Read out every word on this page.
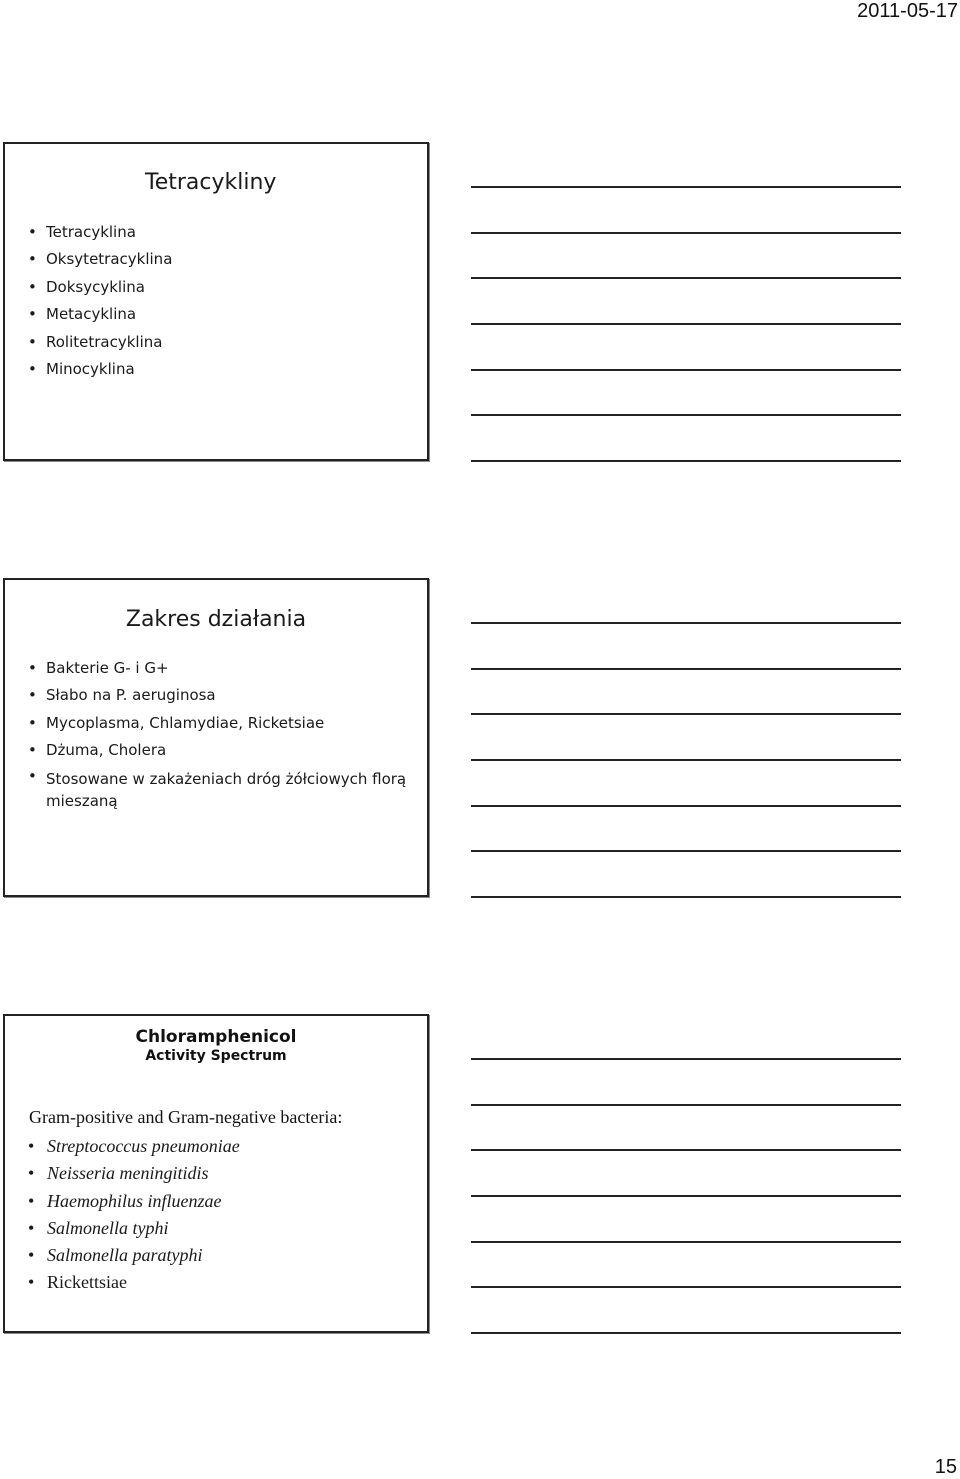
2011-05-17
Tetracykliny
• Tetracyklina
• Oksytetracyklina
• Doksycyklina
• Metacyklina
• Rolitetracyklina
• Minocyklina
Zakres działania
• Bakterie G- i G+
• Słabo na P. aeruginosa
• Mycoplasma, Chlamydiae, Ricketsiae
• Dżuma, Cholera
• Stosowane w zakażeniach dróg żółciowych florą mieszaną
Chloramphenicol
Activity Spectrum
Gram-positive and Gram-negative bacteria:
• Streptococcus pneumoniae
• Neisseria meningitidis
• Haemophilus influenzae
• Salmonella typhi
• Salmonella paratyphi
• Rickettsiae
15
